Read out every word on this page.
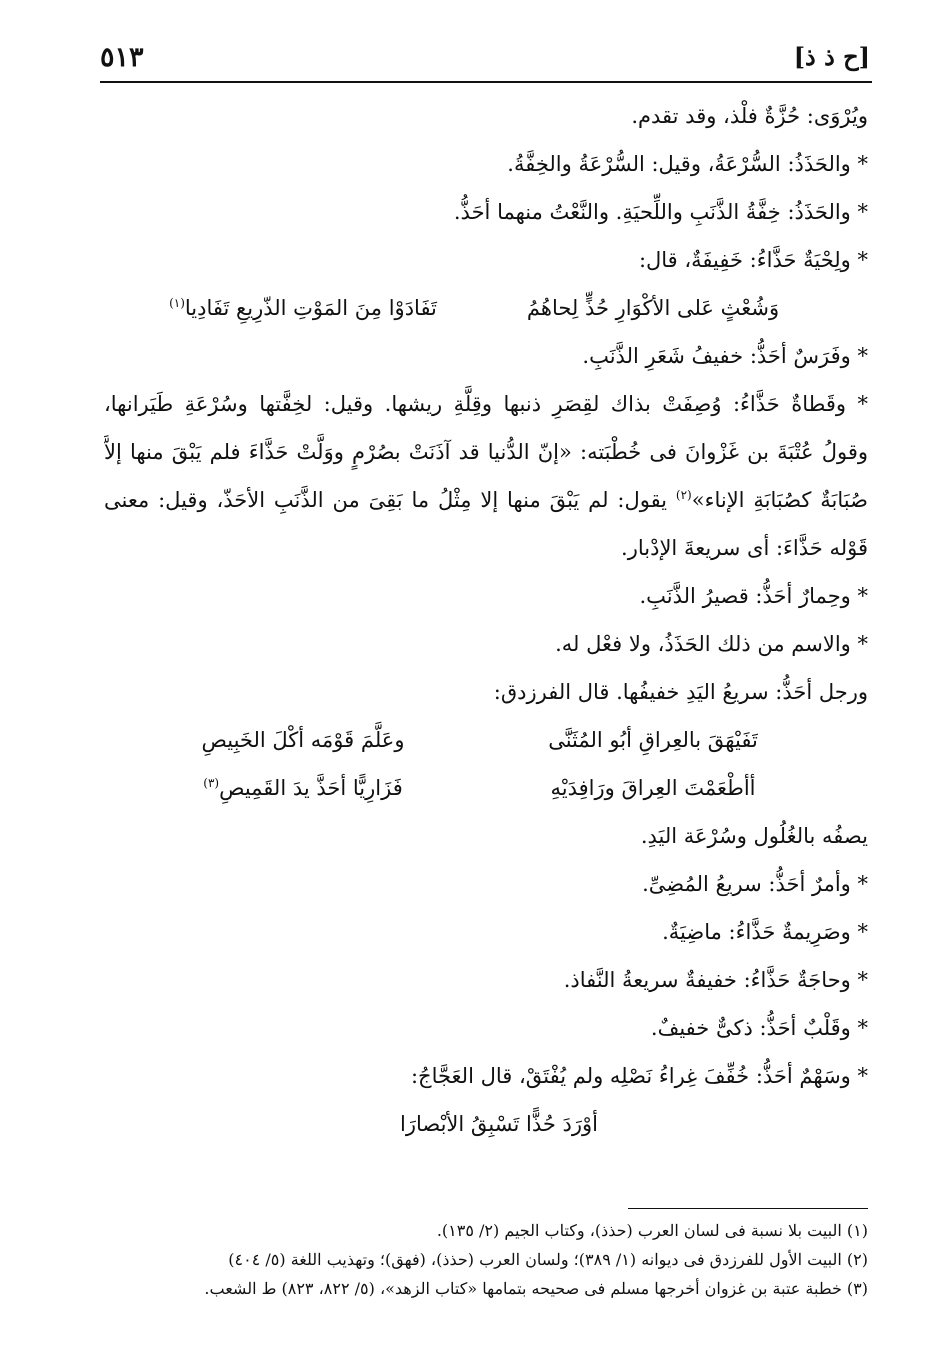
٥١٣	[ح ذ ذ]
ويُرْوَى: حُزَّةٌ فلْذ، وقد تقدم.
* والحَذَذُ: السُّرْعَةُ، وقيل: السُّرْعَةُ والخِفَّةُ.
* والحَذَذُ: خِفَّةُ الذَّنَبِ واللِّحيَةِ. والنَّعْتُ منهما أحَذُّ.
* ولِحْيَةٌ حَذَّاءُ: خَفِيفَةٌ، قال:
وَشُعْثٍ عَلى الأكْوَارِ حُذٍّ لِحاهُمُ
تَفَادَوْا مِنَ المَوْتِ الذّرِيعِ تَفَادِيا$^{(١)}$
* وفَرَسٌ أحَذُّ: خفيفُ شَعَرِ الذَّنَبِ.
* وقَطاةٌ حَذَّاءُ: وُصِفَتْ بذاك لقِصَرِ ذنبها وقِلَّةِ ريشها. وقيل: لخِفَّتها وسُرْعَةِ طَيَرانها،
وقولُ عُتْبَةَ بن غَزْوانَ فى خُطْبَته: «إنّ الدُّنيا قد آذَنَتْ بصُرْمٍ ووَلَّتْ حَذَّاءَ فلم يَبْقَ منها إلاَّ
صُبَابَةٌ كصُبَابَةِ الإناء»$^{(٢)}$ يقول: لم يَبْقَ منها إلا مِثْلُ ما بَقِىَ من الذَّنَبِ الأحَذّ، وقيل: معنى
قَوْله حَذَّاءَ: أى سريعةَ الإدْبار.
* وحِمارٌ أحَذُّ: قصيرُ الذَّنَبِ.
* والاسم من ذلك الحَذَذُ، ولا فعْل له.
ورجل أحَذُّ: سريعُ اليَدِ خفيفُها. قال الفرزدق:
تَفَيْهَقَ بالعِراقِ أبُو المُثَنَّى
وعَلَّمَ قَوْمَه أكْلَ الخَبِيصِ
أأطْعَمْتَ العِراقَ ورَافِدَيْهِ
فَزَارِيًّا أحَذَّ يدَ القَمِيصِ$^{(٣)}$
يصفُه بالغُلُول وسُرْعَة اليَدِ.
* وأمرٌ أحَذُّ: سريعُ المُضِىِّ.
* وصَرِيمةٌ حَذَّاءُ: ماضِيَةٌ.
* وحاجَةٌ حَذَّاءُ: خفيفةٌ سريعةُ النَّفاذ.
* وقَلْبٌ أحَذُّ: ذكىٌّ خفيفٌ.
* وسَهْمٌ أحَذُّ: خُفِّفَ غِراءُ نَصْلِه ولم يُفْتَقْ، قال العَجَّاجُ:
أوْرَدَ حُذًّا تَسْبِقُ الأبْصارَا
(١) البيت بلا نسبة فى لسان العرب (حذذ)، وكتاب الجيم (٢/ ١٣٥).
(٢) البيت الأول للفرزدق فى ديوانه (١/ ٣٨٩)؛ ولسان العرب (حذذ)، (فهق)؛ وتهذيب اللغة (٥/ ٤٠٤)
(٣) خطبة عتبة بن غزوان أخرجها مسلم فى صحيحه بتمامها «كتاب الزهد»، (٥/ ٨٢٢، ٨٢٣) ط الشعب.
